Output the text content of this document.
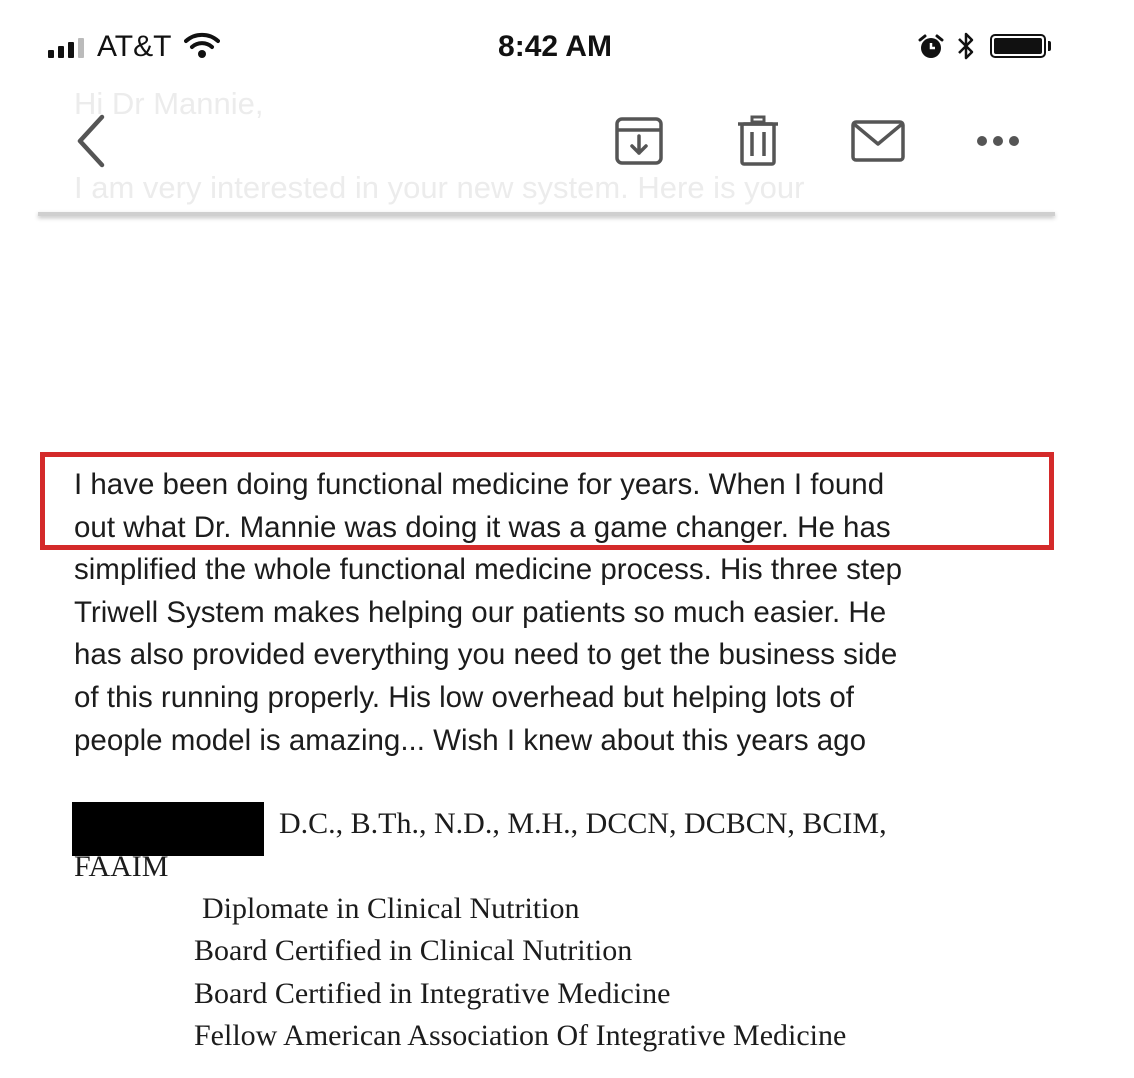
AT&T	8:42 AM
Hi Dr Mannie,
I am very interested in your new system. Here is your

I have been doing functional medicine for years. When I found

out what Dr. Mannie was doing it was a game changer. He has

simplified the whole functional medicine process. His three step

Triwell System makes helping our patients so much easier. He

has also provided everything you need to get the business side

of this running properly. His low overhead but helping lots of

people model is amazing... Wish I knew about this years ago

D.C., B.Th., N.D., M.H., DCCN, DCBCN, BCIM,
FAAIM
Diplomate in Clinical Nutrition
Board Certified in Clinical Nutrition
Board Certified in Integrative Medicine
Fellow American Association Of Integrative Medicine
